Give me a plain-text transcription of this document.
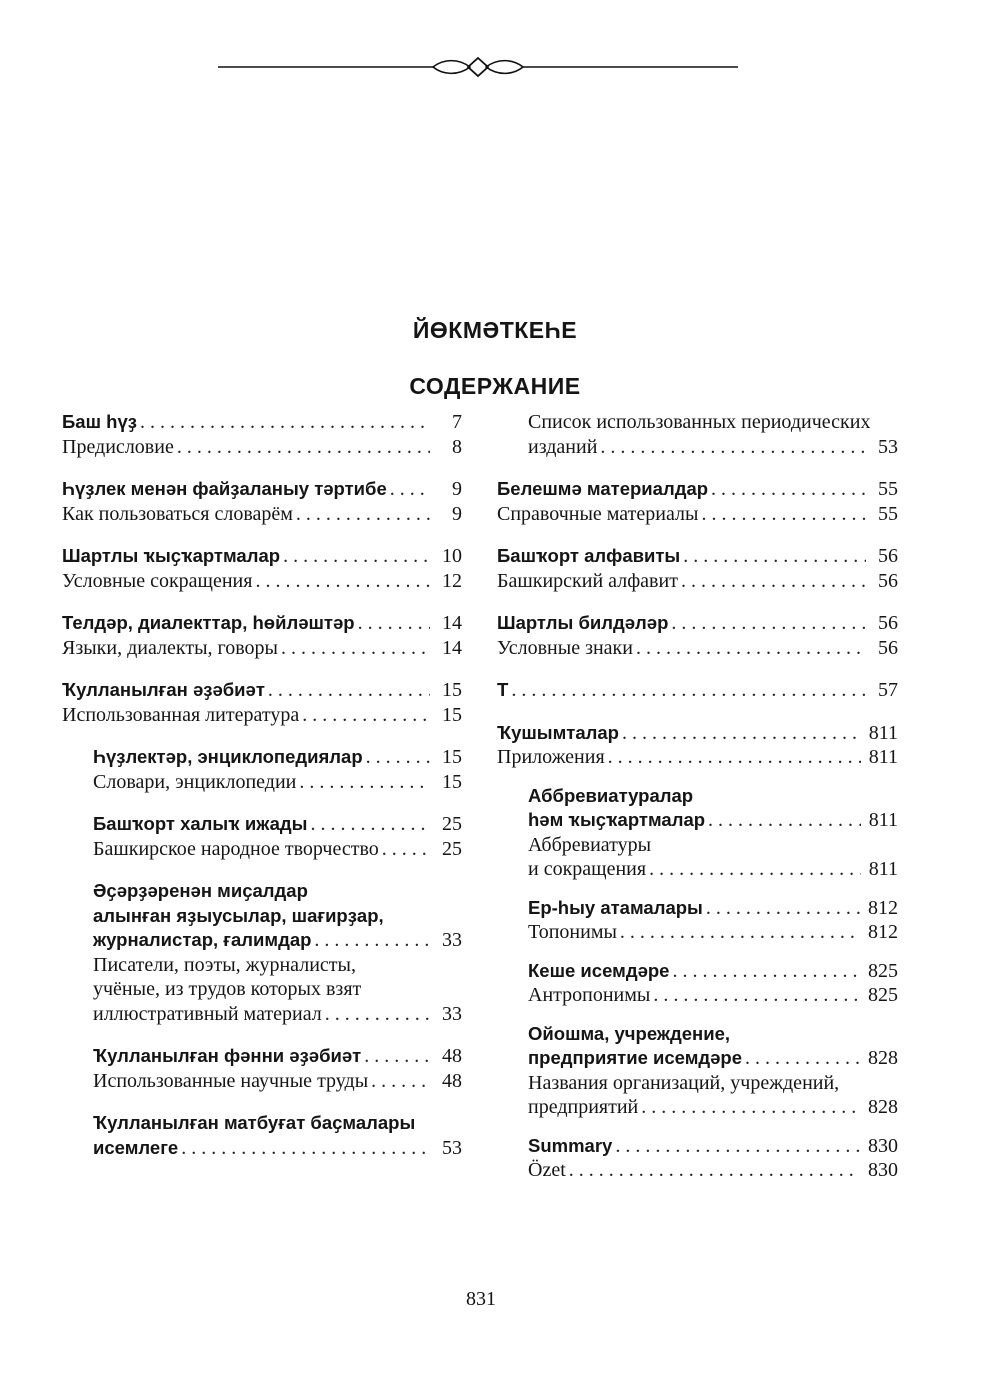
ЙӨКМӘТКЕҺЕ
СОДЕРЖАНИЕ
Баш һүҙ . . .	7
Предисловие . . .	8
Һүҙлек менән файҙаланыу тәртибе . . .	9
Как пользоваться словарём . . .	9
Шартлы ҡыҫҡартмалар . . .	10
Условные сокращения . . .	12
Телдәр, диалекттар, һөйләштәр . . .	14
Языки, диалекты, говоры . . .	14
Ҡулланылған әҙәбиәт . . .	15
Использованная литература . . .	15
Һүҙлектәр, энциклопедиялар . . .	15
Словари, энциклопедии . . .	15
Башҡорт халыҡ ижады . . .	25
Башкирское народное творчество . . .	25
Әҫәрҙәренән миҫалдар
алынған яҙыусылар, шағирҙар,
журналистар, ғалимдар . . .	33
Писатели, поэты, журналисты,
учёные, из трудов которых взят
иллюстративный материал . . .	33
Ҡулланылған фәнни әҙәбиәт . . .	48
Использованные научные труды . . .	48
Ҡулланылған матбуғат баҫмалары
исемлеге . . .	53
Список использованных периодических
изданий . . .	53
Белешмә материалдар . . .	55
Справочные материалы . . .	55
Башҡорт алфавиты . . .	56
Башкирский алфавит . . .	56
Шартлы билдәләр . . .	56
Условные знаки . . .	56
Т . . .	57
Ҡушымталар . . .	811
Приложения . . .	811
Аббревиатуралар
һәм ҡыҫҡартмалар . . .	811
Аббревиатуры
и сокращения . . .	811
Ер-һыу атамалары . . .	812
Топонимы . . .	812
Кеше исемдәре . . .	825
Антропонимы . . .	825
Ойошма, учреждение,
предприятие исемдәре . . .	828
Названия организаций, учреждений,
предприятий . . .	828
Summary . . .	830
Özet . . .	830
831
